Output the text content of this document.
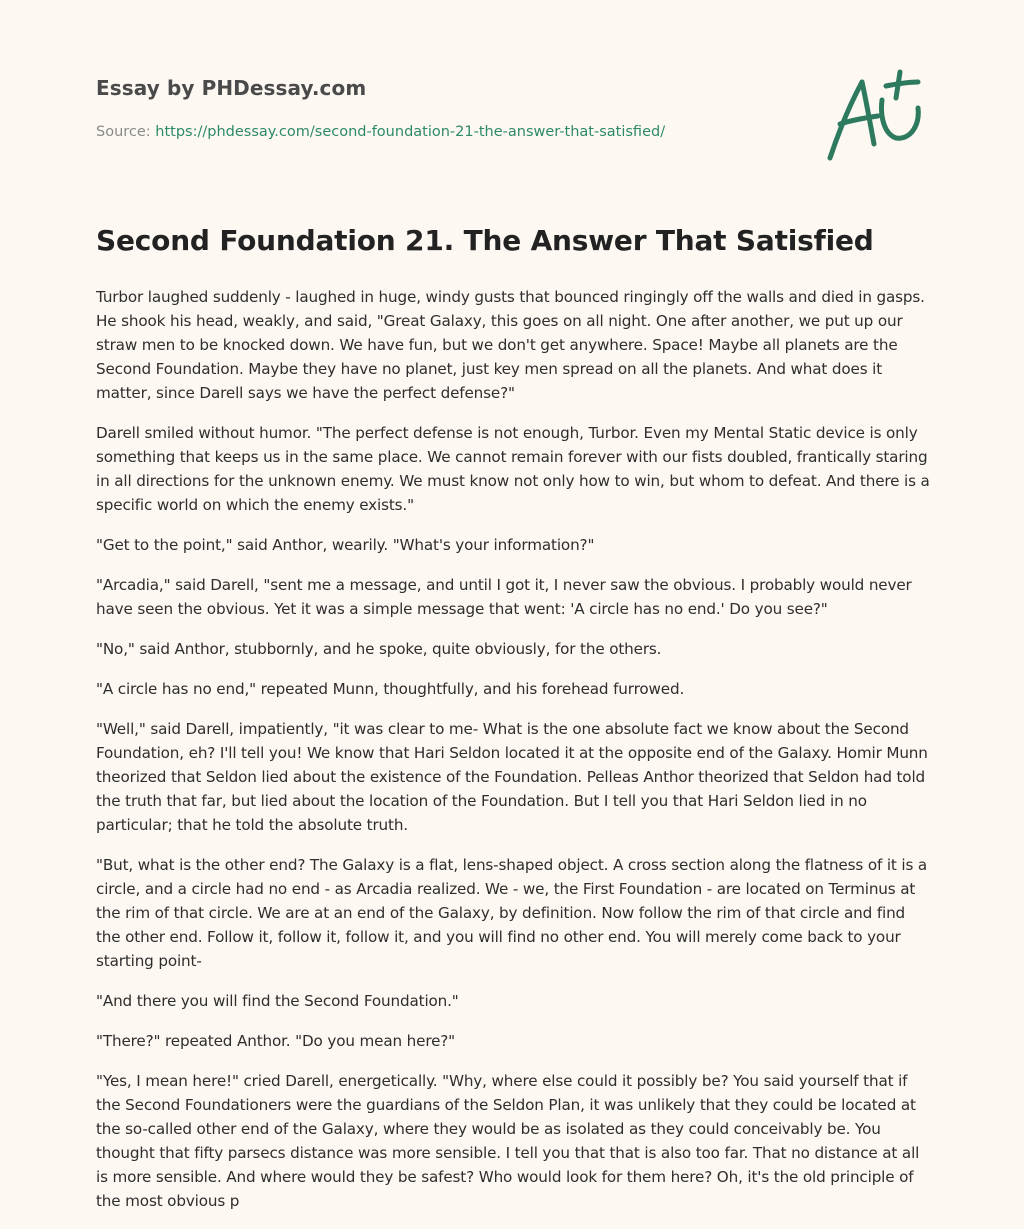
Essay by PHDessay.com
Source: https://phdessay.com/second-foundation-21-the-answer-that-satisfied/
Second Foundation 21. The Answer That Satisfied

Turbor laughed suddenly - laughed in huge, windy gusts that bounced ringingly off the walls and died in gasps. He shook his head, weakly, and said, "Great Galaxy, this goes on all night. One after another, we put up our straw men to be knocked down. We have fun, but we don't get anywhere. Space! Maybe all planets are the Second Foundation. Maybe they have no planet, just key men spread on all the planets. And what does it matter, since Darell says we have the perfect defense?"

Darell smiled without humor. "The perfect defense is not enough, Turbor. Even my Mental Static device is only something that keeps us in the same place. We cannot remain forever with our fists doubled, frantically staring in all directions for the unknown enemy. We must know not only how to win, but whom to defeat. And there is a specific world on which the enemy exists."

"Get to the point," said Anthor, wearily. "What's your information?"

"Arcadia," said Darell, "sent me a message, and until I got it, I never saw the obvious. I probably would never have seen the obvious. Yet it was a simple message that went: 'A circle has no end.' Do you see?"

"No," said Anthor, stubbornly, and he spoke, quite obviously, for the others.

"A circle has no end," repeated Munn, thoughtfully, and his forehead furrowed.

"Well," said Darell, impatiently, "it was clear to me- What is the one absolute fact we know about the Second Foundation, eh? I'll tell you! We know that Hari Seldon located it at the opposite end of the Galaxy. Homir Munn theorized that Seldon lied about the existence of the Foundation. Pelleas Anthor theorized that Seldon had told the truth that far, but lied about the location of the Foundation. But I tell you that Hari Seldon lied in no particular; that he told the absolute truth.

"But, what is the other end? The Galaxy is a flat, lens-shaped object. A cross section along the flatness of it is a circle, and a circle had no end - as Arcadia realized. We - we, the First Foundation - are located on Terminus at the rim of that circle. We are at an end of the Galaxy, by definition. Now follow the rim of that circle and find the other end. Follow it, follow it, follow it, and you will find no other end. You will merely come back to your starting point-

"And there you will find the Second Foundation."

"There?" repeated Anthor. "Do you mean here?"

"Yes, I mean here!" cried Darell, energetically. "Why, where else could it possibly be? You said yourself that if the Second Foundationers were the guardians of the Seldon Plan, it was unlikely that they could be located at the so-called other end of the Galaxy, where they would be as isolated as they could conceivably be. You thought that fifty parsecs distance was more sensible. I tell you that that is also too far. That no distance at all is more sensible. And where would they be safest? Who would look for them here? Oh, it's the old principle of the most obvious p
